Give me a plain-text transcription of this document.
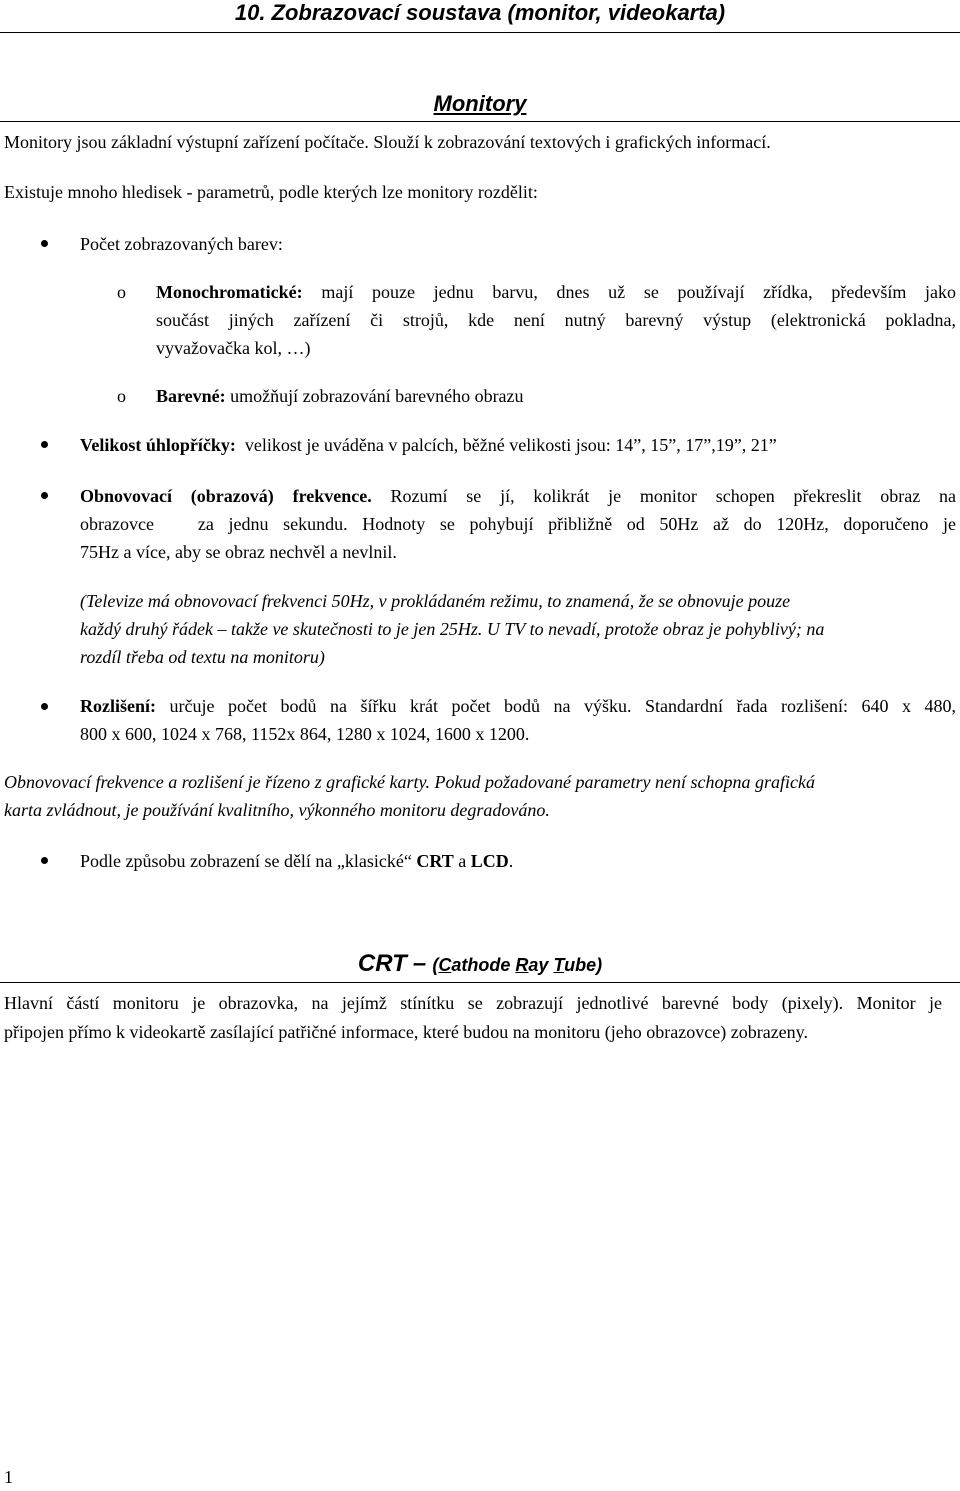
10. Zobrazovací soustava (monitor, videokarta)
Monitory
Monitory jsou základní výstupní zařízení počítače. Slouží k zobrazování textových i grafických informací.
Existuje mnoho hledisek - parametrů, podle kterých lze monitory rozdělit:
Počet zobrazovaných barev:
o Monochromatické: mají pouze jednu barvu, dnes už se používají zřídka, především jako
součást jiných zařízení či strojů, kde není nutný barevný výstup (elektronická pokladna,
vyvažovačka kol, …)
o Barevné: umožňují zobrazování barevného obrazu
Velikost úhlopříčky: velikost je uváděna v palcích, běžné velikosti jsou: 14”, 15”, 17”,19”, 21”
Obnovovací (obrazová) frekvence. Rozumí se jí, kolikrát je monitor schopen překreslit obraz na
obrazovce za jednu sekundu. Hodnoty se pohybují přibližně od 50Hz až do 120Hz, doporučeno je
75Hz a více, aby se obraz nechvěl a nevlnil.
(Televize má obnovovací frekvenci 50Hz, v prokládaném režimu, to znamená, že se obnovuje pouze
každý druhý řádek – takže ve skutečnosti to je jen 25Hz. U TV to nevadí, protože obraz je pohyblivý; na
rozdíl třeba od textu na monitoru)
Rozlišení: určuje počet bodů na šířku krát počet bodů na výšku. Standardní řada rozlišení: 640 x 480,
800 x 600, 1024 x 768, 1152x 864, 1280 x 1024, 1600 x 1200.
Obnovovací frekvence a rozlišení je řízeno z grafické karty. Pokud požadované parametry není schopna grafická
karta zvládnout, je používání kvalitního, výkonného monitoru degradováno.
Podle způsobu zobrazení se dělí na „klasické“ CRT a LCD.
CRT – (Cathode Ray Tube)
Hlavní částí monitoru je obrazovka, na jejímž stínítku se zobrazují jednotlivé barevné body (pixely). Monitor je
připojen přímo k videokartě zasílající patřičné informace, které budou na monitoru (jeho obrazovce) zobrazeny.
1
